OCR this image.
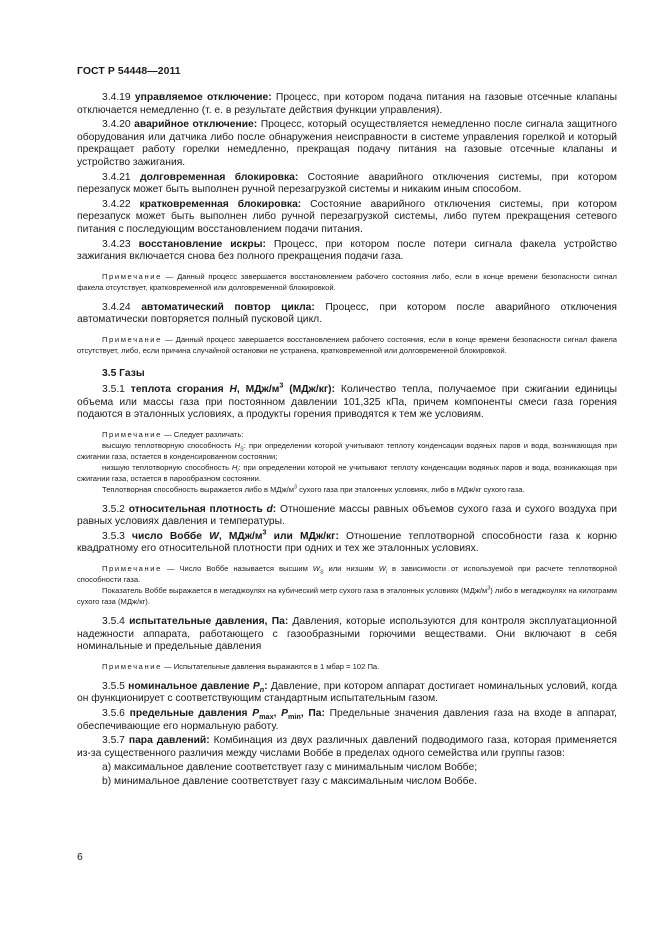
ГОСТ Р 54448—2011

3.4.19 управляемое отключение: Процесс, при котором подача питания на газовые отсечные клапаны отключается немедленно (т. е. в результате действия функции управления).

3.4.20 аварийное отключение: Процесс, который осуществляется немедленно после сигнала защитного оборудования или датчика либо после обнаружения неисправности в системе управления горелкой и который прекращает работу горелки немедленно, прекращая подачу питания на газовые отсечные клапаны и устройство зажигания.

3.4.21 долговременная блокировка: Состояние аварийного отключения системы, при котором перезапуск может быть выполнен ручной перезагрузкой системы и никаким иным способом.

3.4.22 кратковременная блокировка: Состояние аварийного отключения системы, при котором перезапуск может быть выполнен либо ручной перезагрузкой системы, либо путем прекращения сетевого питания с последующим восстановлением подачи питания.

3.4.23 восстановление искры: Процесс, при котором после потери сигнала факела устройство зажигания включается снова без полного прекращения подачи газа.

Примечание — Данный процесс завершается восстановлением рабочего состояния либо, если в конце времени безопасности сигнал факела отсутствует, кратковременной или долговременной блокировкой.

3.4.24 автоматический повтор цикла: Процесс, при котором после аварийного отключения автоматически повторяется полный пусковой цикл.

Примечание — Данный процесс завершается восстановлением рабочего состояния, если в конце времени безопасности сигнал факела отсутствует, либо, если причина случайной остановки не устранена, кратковременной или долговременной блокировкой.

3.5 Газы

3.5.1 теплота сгорания Н, МДж/$м^3$ (МДж/кг): Количество тепла, получаемое при сжигании единицы объема или массы газа при постоянном давлении 101,325 кПа, причем компоненты смеси газа горения подаются в эталонных условиях, а продукты горения приводятся к тем же условиям.

Примечание — Следует различать:

высшую теплотворную способность $H_S$: при определении которой учитывают теплоту конденсации водяных паров и вода, возникающая при сжигании газа, остается в конденсированном состоянии;

низшую теплотворную способность $H_i$: при определении которой не учитывают теплоту конденсации водяных паров и вода, возникающая при сжигании газа, остается в парообразном состоянии.

Теплотворная способность выражается либо в МДж/$м^3$ сухого газа при эталонных условиях, либо в МДж/кг сухого газа.

3.5.2 относительная плотность d: Отношение массы равных объемов сухого газа и сухого воздуха при равных условиях давления и температуры.

3.5.3 число Воббе W, МДж/$м^3$ или МДж/кг: Отношение теплотворной способности газа к корню квадратному его относительной плотности при одних и тех же эталонных условиях.

Примечание — Число Воббе называется высшим $W_S$ или низшим $W_i$ в зависимости от используемой при расчете теплотворной способности газа.

Показатель Воббе выражается в мегаджоулях на кубический метр сухого газа в эталонных условиях $(МДж/м^3)$ либо в мегаджоулях на килограмм сухого газа (МДж/кг).

3.5.4 испытательные давления, Па: Давления, которые используются для контроля эксплуатационной надежности аппарата, работающего с газообразными горючими веществами. Они включают в себя номинальные и предельные давления

Примечание — Испытательные давления выражаются в 1 мбар = 102 Па.

3.5.5 номинальное давление $P_n$: Давление, при котором аппарат достигает номинальных условий, когда он функционирует с соответствующим стандартным испытательным газом.

3.5.6 предельные давления $P_{max}$, $P_{min}$, Па: Предельные значения давления газа на входе в аппарат, обеспечивающие его нормальную работу.

3.5.7 пара давлений: Комбинация из двух различных давлений подводимого газа, которая применяется из-за существенного различия между числами Воббе в пределах одного семейства или группы газов:

a) максимальное давление соответствует газу с минимальным числом Воббе;

b) минимальное давление соответствует газу с максимальным числом Воббе.

6
